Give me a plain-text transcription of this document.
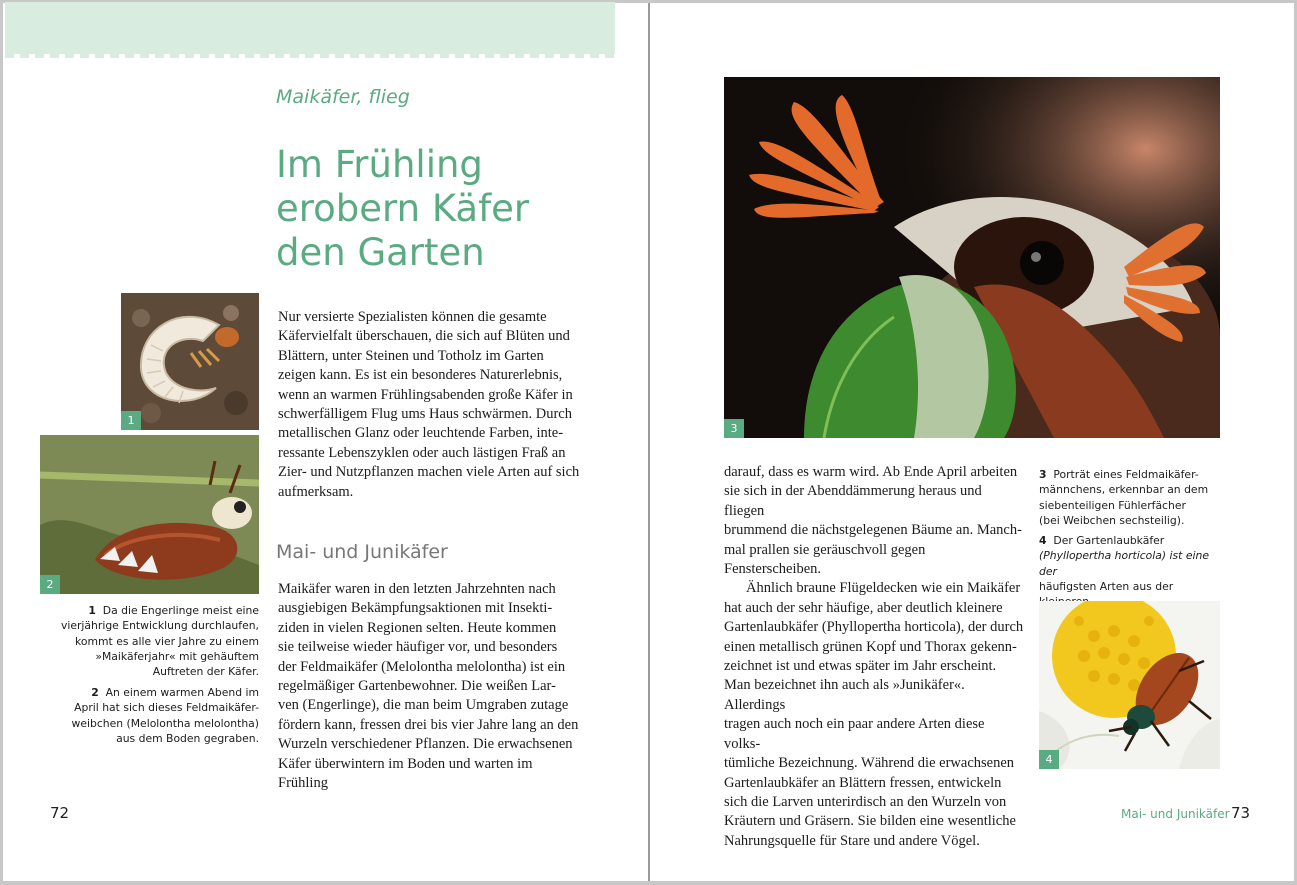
Maikäfer, flieg

Im Frühling
erobern Käfer
den Garten
1
2

1 Da die Engerlinge meist eine
vierjährige Entwicklung durchlaufen,
kommt es alle vier Jahre zu einem
»Maikäferjahr« mit gehäuftem
Auftreten der Käfer.

2 An einem warmen Abend im
April hat sich dieses Feldmaikäfer-
weibchen (Melolontha melolontha)
aus dem Boden gegraben.

Nur versierte Spezialisten können die gesamte
Käfervielfalt überschauen, die sich auf Blüten und
Blättern, unter Steinen und Totholz im Garten
zeigen kann. Es ist ein besonderes Naturerlebnis,
wenn an warmen Frühlingsabenden große Käfer in
schwerfälligem Flug ums Haus schwärmen. Durch
metallischen Glanz oder leuchtende Farben, inte-
ressante Lebenszyklen oder auch lästigen Fraß an
Zier- und Nutzpflanzen machen viele Arten auf sich
aufmerksam.

Mai- und Junikäfer

Maikäfer waren in den letzten Jahrzehnten nach
ausgiebigen Bekämpfungsaktionen mit Insekti-
ziden in vielen Regionen selten. Heute kommen
sie teilweise wieder häufiger vor, und besonders
der Feldmaikäfer (Melolontha melolontha) ist ein
regelmäßiger Gartenbewohner. Die weißen Lar-
ven (Engerlinge), die man beim Umgraben zutage
fördern kann, fressen drei bis vier Jahre lang an den
Wurzeln verschiedener Pflanzen. Die erwachsenen
Käfer überwintern im Boden und warten im Frühling

72
3

darauf, dass es warm wird. Ab Ende April arbeiten
sie sich in der Abenddämmerung heraus und fliegen
brummend die nächstgelegenen Bäume an. Manch-
mal prallen sie geräuschvoll gegen Fensterscheiben.
Ähnlich braune Flügeldecken wie ein Maikäfer
hat auch der sehr häufige, aber deutlich kleinere
Gartenlaubkäfer (Phyllopertha horticola), der durch
einen metallisch grünen Kopf und Thorax gekenn-
zeichnet ist und etwas später im Jahr erscheint.
Man bezeichnet ihn auch als »Junikäfer«. Allerdings
tragen auch noch ein paar andere Arten diese volks-
tümliche Bezeichnung. Während die erwachsenen
Gartenlaubkäfer an Blättern fressen, entwickeln
sich die Larven unterirdisch an den Wurzeln von
Kräutern und Gräsern. Sie bilden eine wesentliche
Nahrungsquelle für Stare und andere Vögel.

3 Porträt eines Feldmaikäfer-
männchens, erkennbar an dem
siebenteiligen Fühlerfächer
(bei Weibchen sechsteilig).

4 Der Gartenlaubkäfer
(Phyllopertha horticola) ist eine der
häufigsten Arten aus der

4
Mai- und Junikäfer 73
